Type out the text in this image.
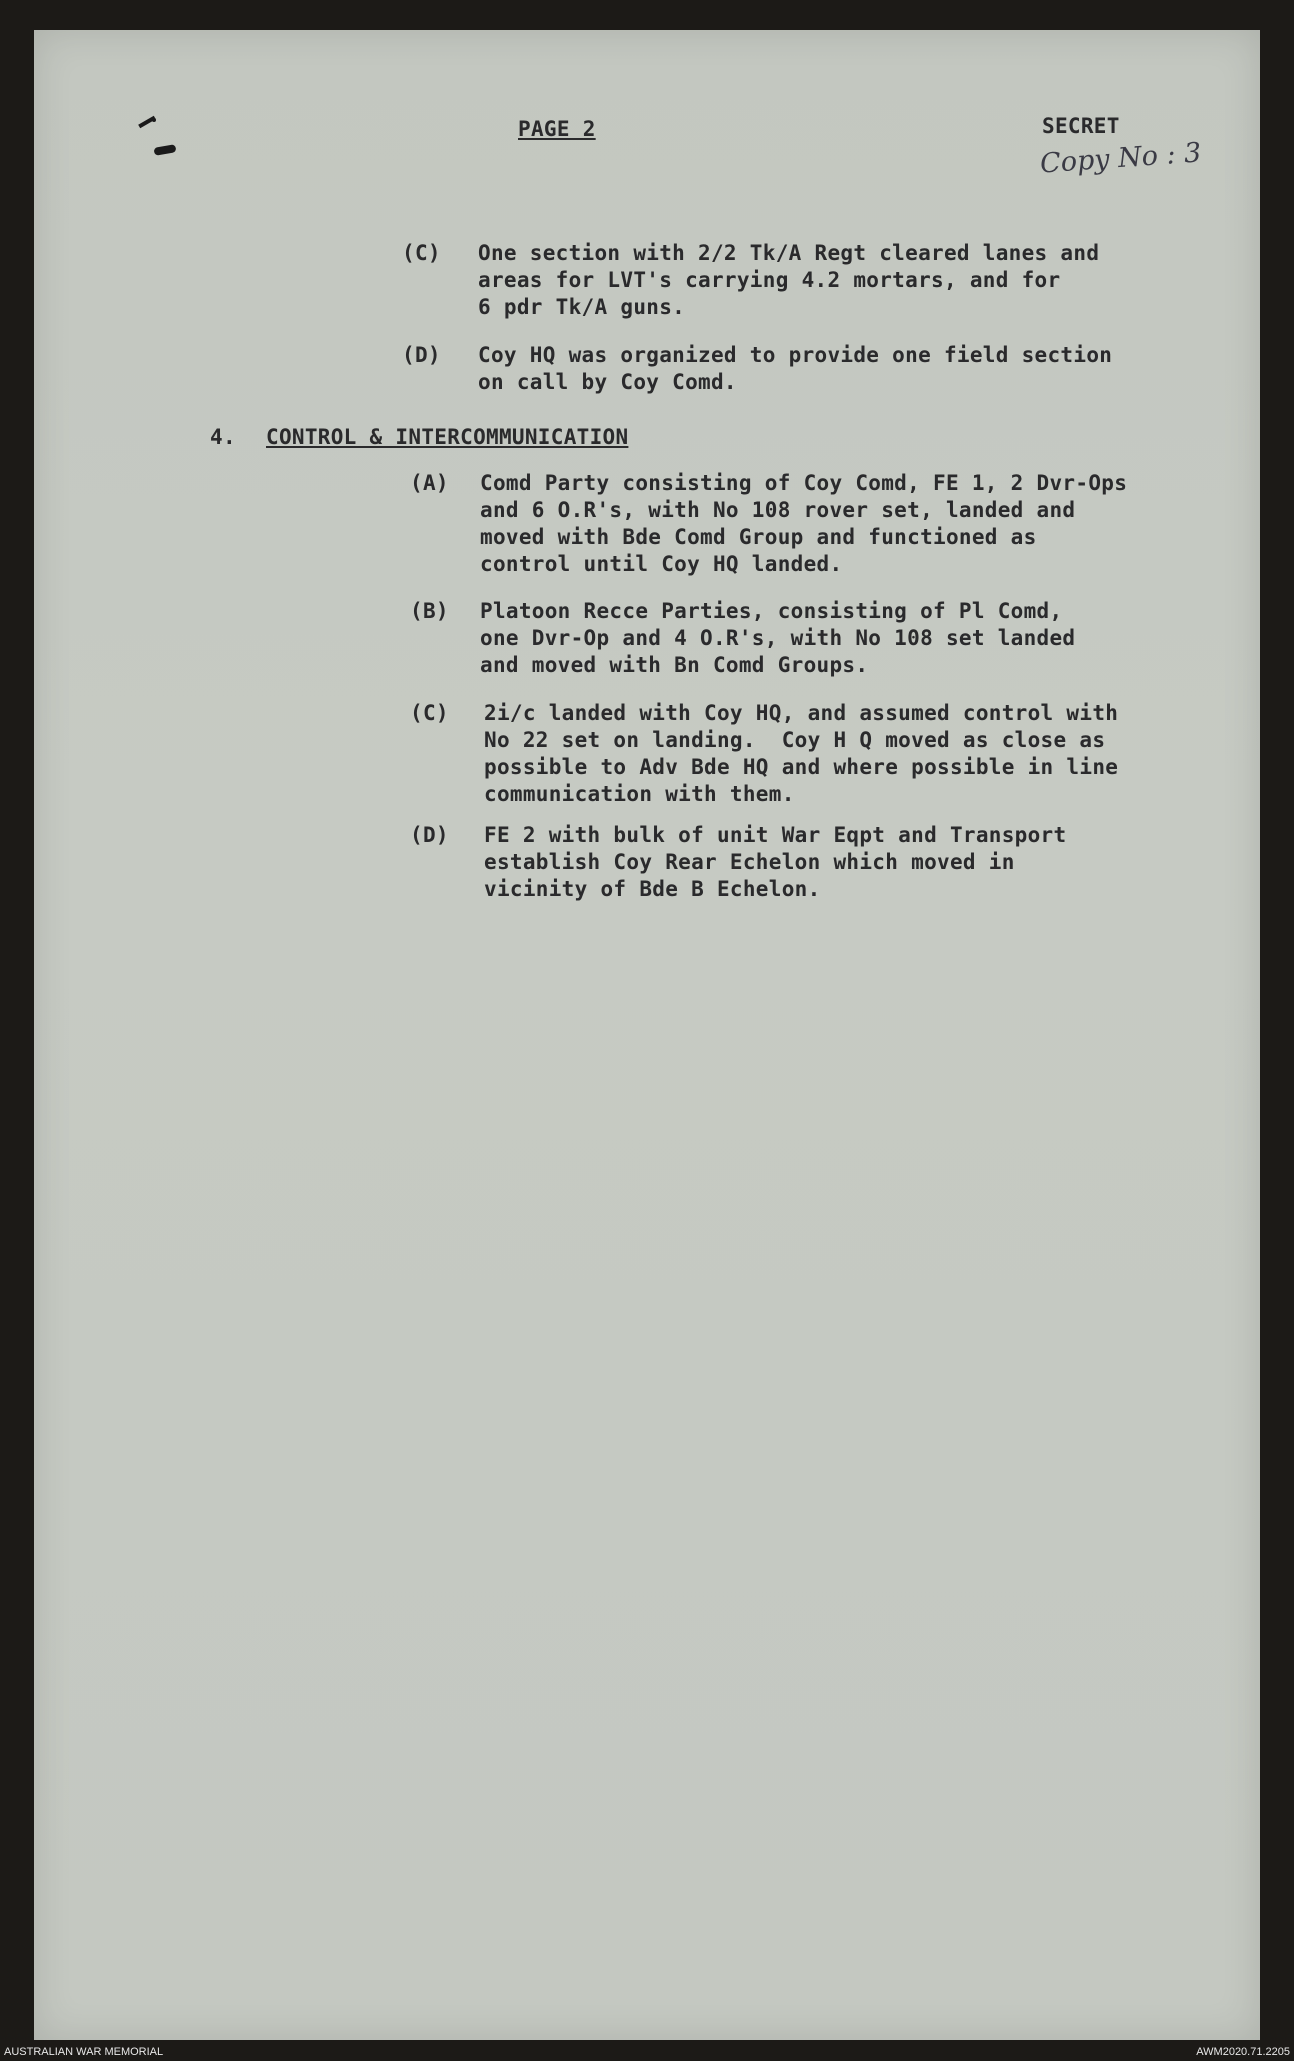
PAGE 2	SECRET
Copy No : 3
(C) One section with 2/2 Tk/A Regt cleared lanes and
areas for LVT's carrying 4.2 mortars, and for
6 pdr Tk/A guns.
(D) Coy HQ was organized to provide one field section
on call by Coy Comd.
4. CONTROL & INTERCOMMUNICATION
(A) Comd Party consisting of Coy Comd, FE 1, 2 Dvr-Ops
and 6 O.R's, with No 108 rover set, landed and
moved with Bde Comd Group and functioned as
control until Coy HQ landed.
(B) Platoon Recce Parties, consisting of Pl Comd,
one Dvr-Op and 4 O.R's, with No 108 set landed
and moved with Bn Comd Groups.
(C) 2i/c landed with Coy HQ, and assumed control with
No 22 set on landing.  Coy H Q moved as close as
possible to Adv Bde HQ and where possible in line
communication with them.
(D) FE 2 with bulk of unit War Eqpt and Transport
establish Coy Rear Echelon which moved in
vicinity of Bde B Echelon.
AUSTRALIAN WAR MEMORIAL	AWM2020.71.2205
